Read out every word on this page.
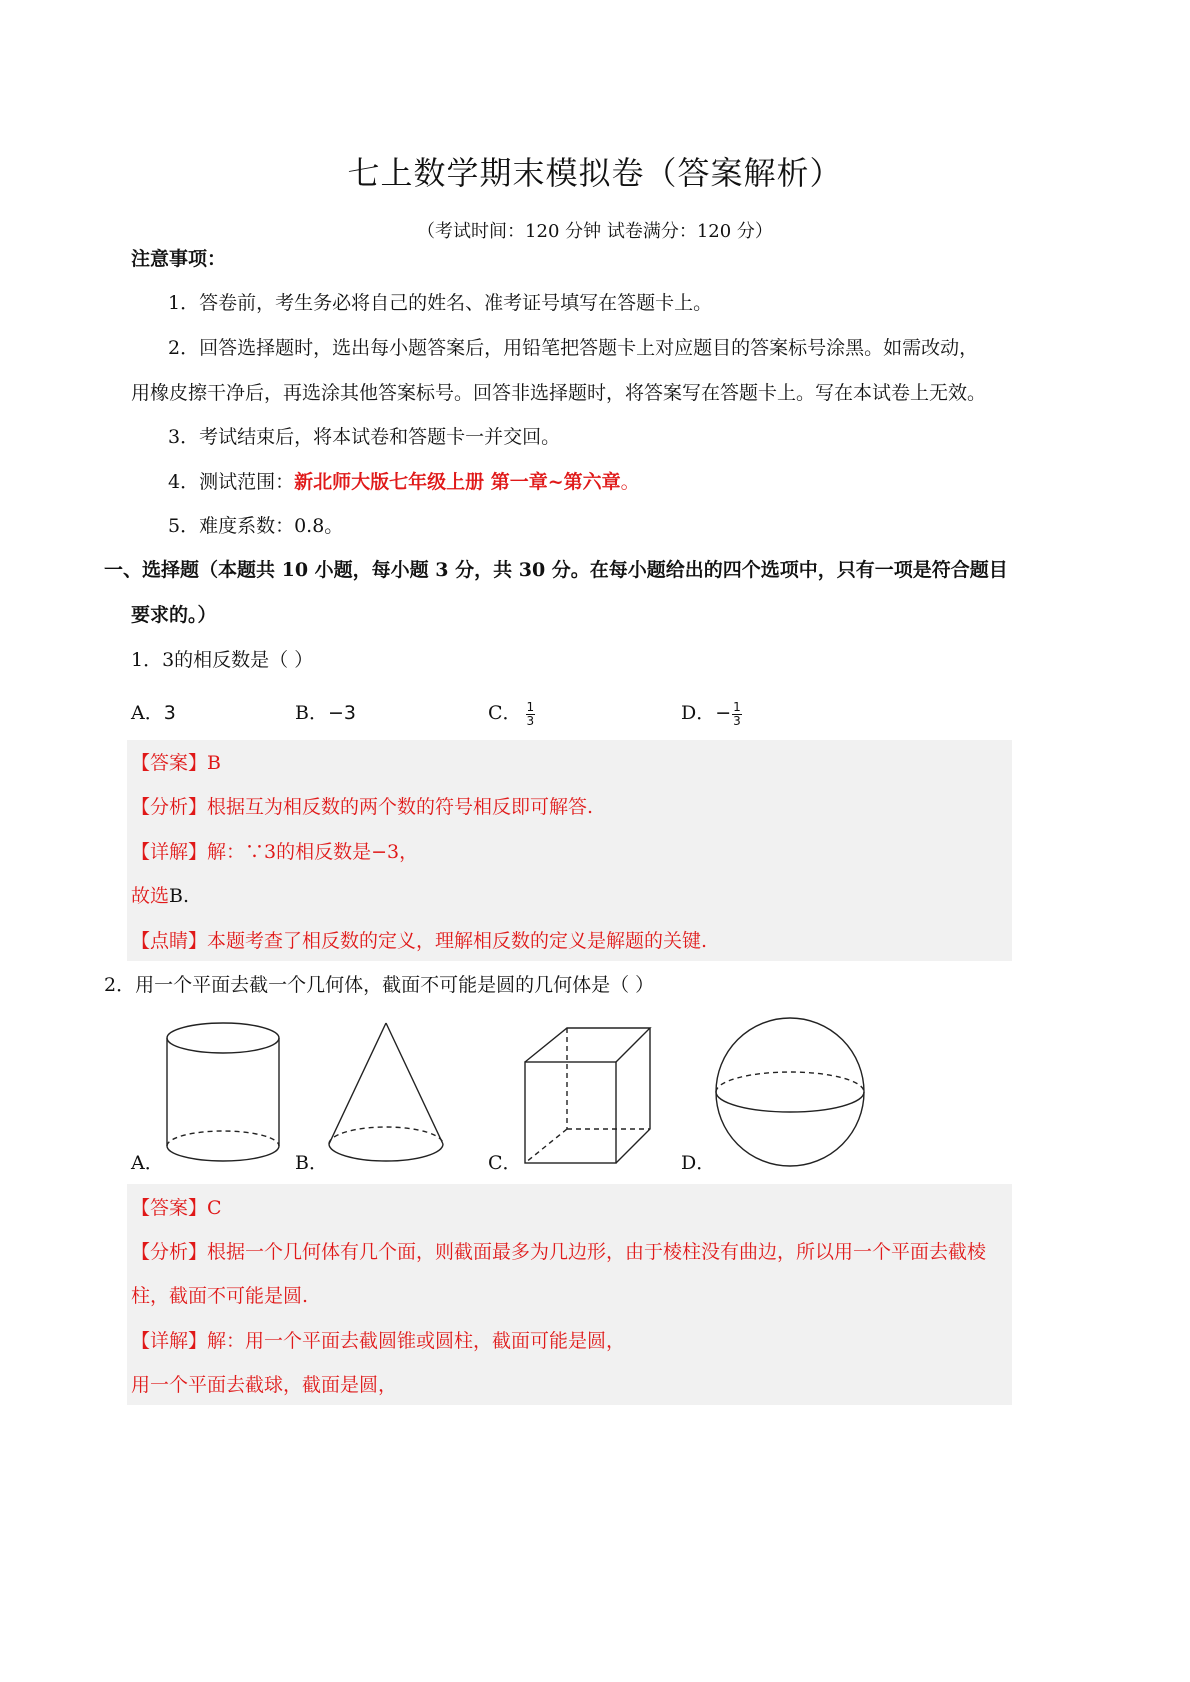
七上数学期末模拟卷（答案解析）
（考试时间：120 分钟 试卷满分：120 分）
注意事项：
1．答卷前，考生务必将自己的姓名、准考证号填写在答题卡上。
2．回答选择题时，选出每小题答案后，用铅笔把答题卡上对应题目的答案标号涂黑。如需改动，
用橡皮擦干净后，再选涂其他答案标号。回答非选择题时，将答案写在答题卡上。写在本试卷上无效。
3．考试结束后，将本试卷和答题卡一并交回。
4．测试范围：新北师大版七年级上册 第一章~第六章。
5．难度系数：0.8。
一、选择题（本题共 10 小题，每小题 3 分，共 30 分。在每小题给出的四个选项中，只有一项是符合题目
要求的。）
1．3的相反数是（ ）
A．3	B．−3	C． $\frac{1}{3}$	D．− $\frac{1}{3}$
【答案】B
【分析】根据互为相反数的两个数的符号相反即可解答.
【详解】解：∵3的相反数是−3，
故选B.
【点睛】本题考查了相反数的定义，理解相反数的定义是解题的关键.
2．用一个平面去截一个几何体，截面不可能是圆的几何体是（ ）
A．	B．	C．	D．
【答案】C
【分析】根据一个几何体有几个面，则截面最多为几边形，由于棱柱没有曲边，所以用一个平面去截棱
柱，截面不可能是圆.
【详解】解：用一个平面去截圆锥或圆柱，截面可能是圆，
用一个平面去截球，截面是圆，
